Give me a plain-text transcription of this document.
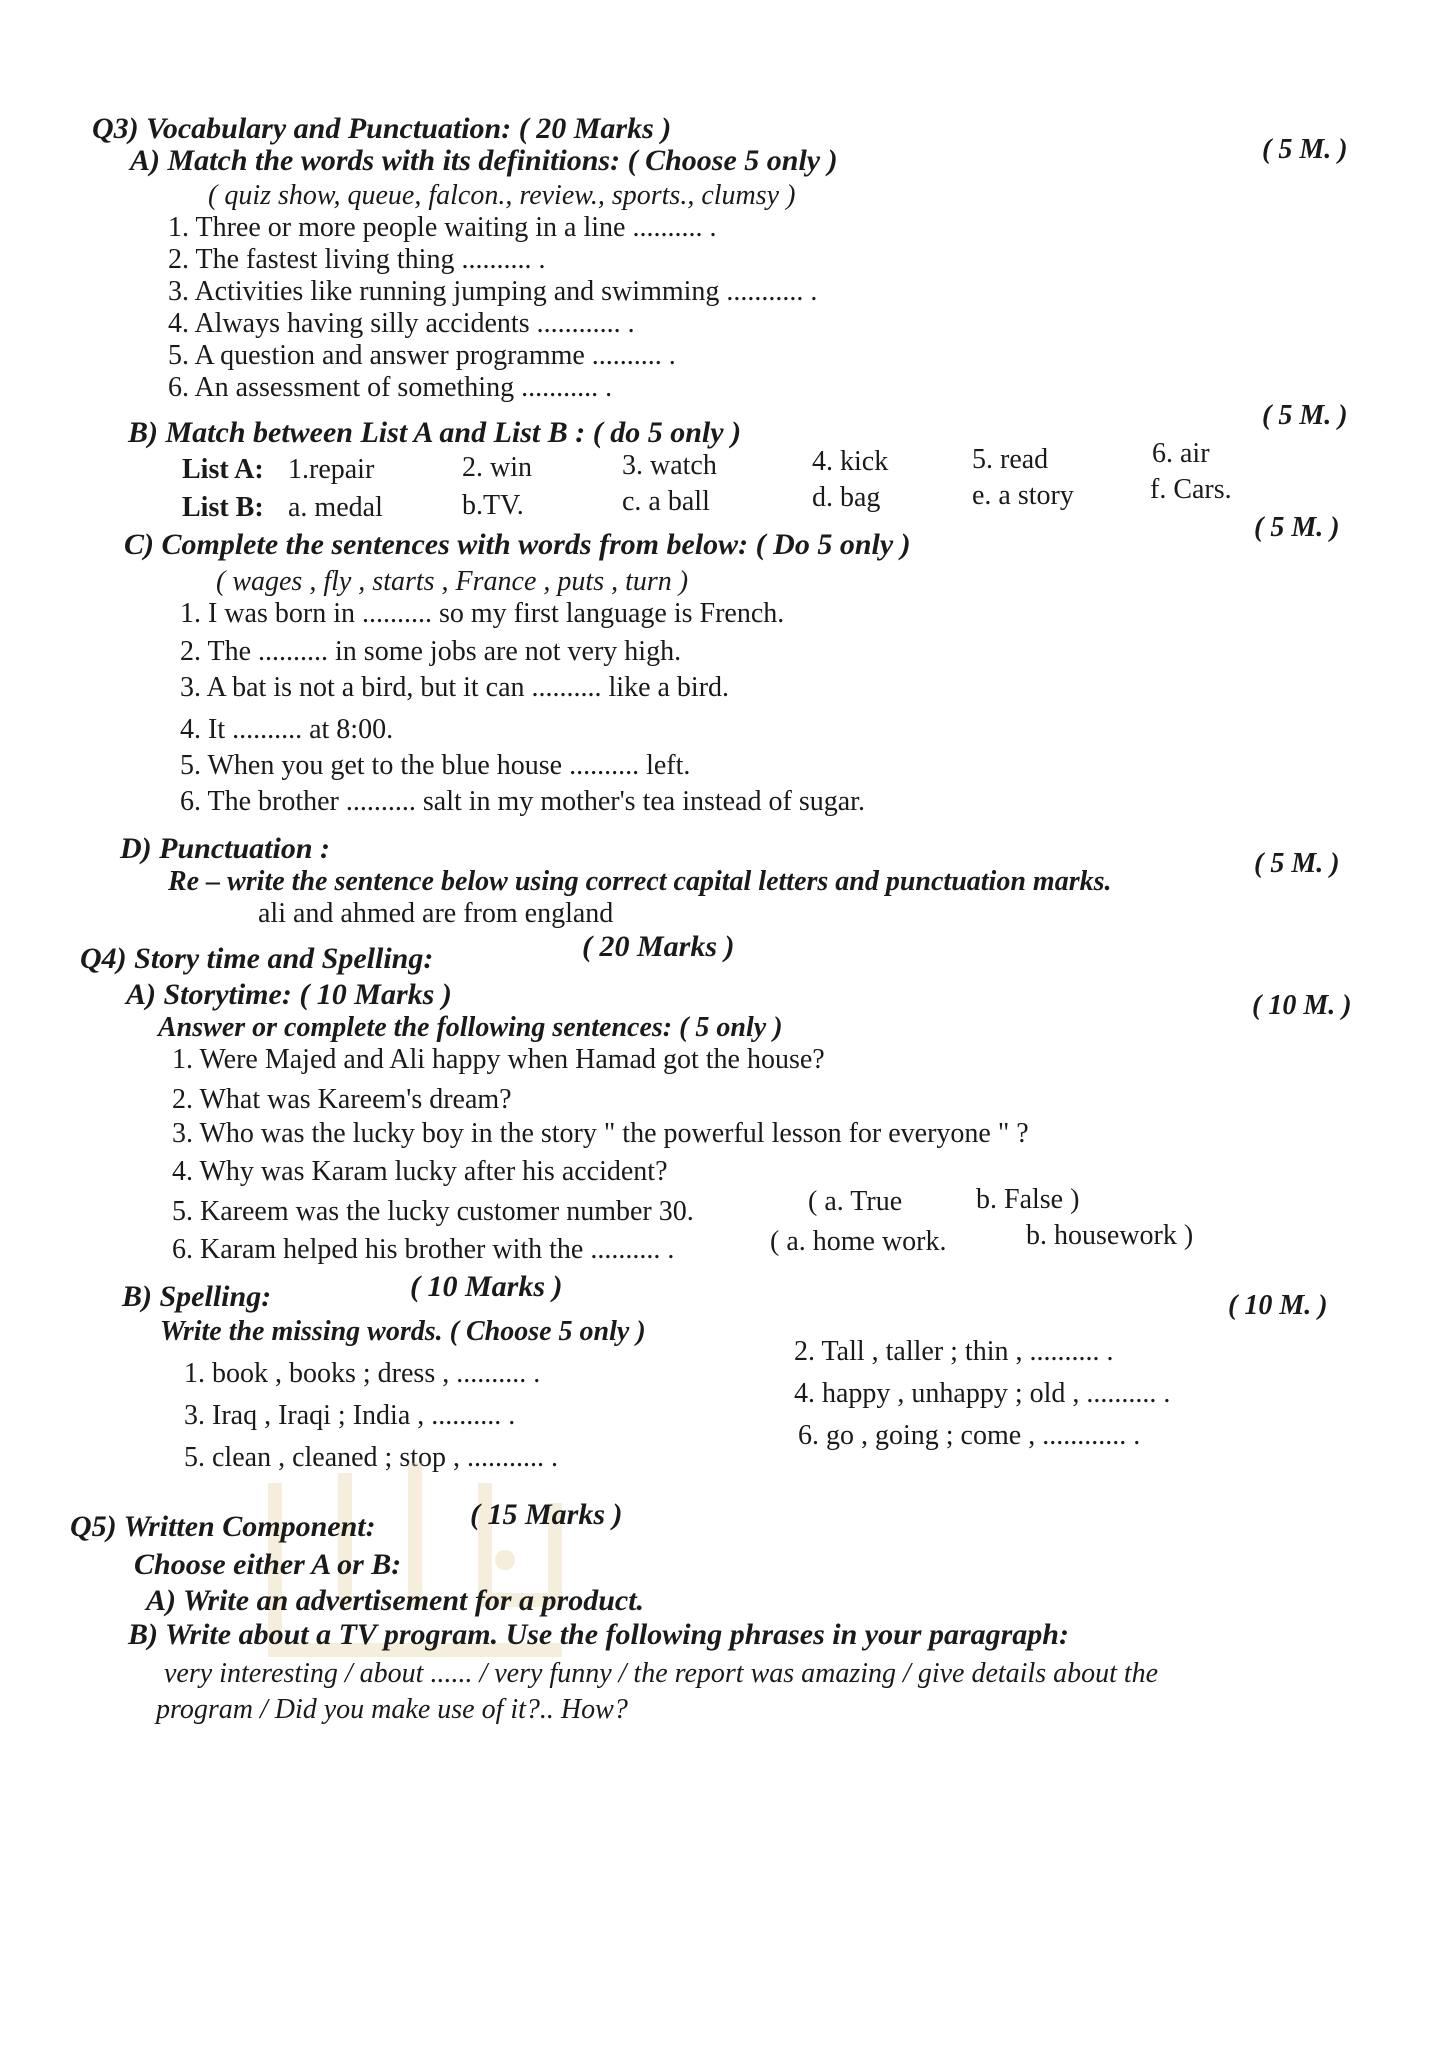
Q3) Vocabulary and Punctuation: ( 20 Marks )
A) Match the words with its definitions: ( Choose 5 only )	( 5 M. )
( quiz show, queue, falcon., review., sports., clumsy )
1. Three or more people waiting in a line .......... .
2. The fastest living thing .......... .
3. Activities like running jumping and swimming ........... .
4. Always having silly accidents ............ .
5. A question and answer programme .......... .
6. An assessment of something ........... .
B) Match between List A and List B : ( do 5 only )
( 5 M. )
List A: 1.repair	2. win	3. watch	4. kick	5. read	6. air
List B: a. medal	b.TV.	c. a ball	d. bag	e. a story	f. Cars.
C) Complete the sentences with words from below: ( Do 5 only )
( 5 M. )
( wages , fly , starts , France , puts , turn )
1. I was born in .......... so my first language is French.
2. The .......... in some jobs are not very high.
3. A bat is not a bird, but it can .......... like a bird.
4. It .......... at 8:00.
5. When you get to the blue house .......... left.
6. The brother .......... salt in my mother's tea instead of sugar.
D) Punctuation :
Re – write the sentence below using correct capital letters and punctuation marks.
( 5 M. )
ali and ahmed are from england
Q4) Story time and Spelling:	( 20 Marks )
A) Storytime: ( 10 Marks )
Answer or complete the following sentences: ( 5 only )
( 10 M. )
1. Were Majed and Ali happy when Hamad got the house?
2. What was Kareem's dream?
3. Who was the lucky boy in the story " the powerful lesson for everyone " ?
4. Why was Karam lucky after his accident?
5. Kareem was the lucky customer number 30.	( a. True	b. False )
6. Karam helped his brother with the .......... .	( a. home work.	b. housework )
B) Spelling:	( 10 Marks )
( 10 M. )
Write the missing words. ( Choose 5 only )
1. book , books ; dress , .......... .
2. Tall , taller ; thin , .......... .
3. Iraq , Iraqi ; India , .......... .
4. happy , unhappy ; old , .......... .
5. clean , cleaned ; stop , ........... .
6. go , going ; come , ............ .
Q5) Written Component:	( 15 Marks )
Choose either A or B:
A) Write an advertisement for a product.
B) Write about a TV program. Use the following phrases in your paragraph:
very interesting / about ...... / very funny / the report was amazing / give details about the
program / Did you make use of it?.. How?
